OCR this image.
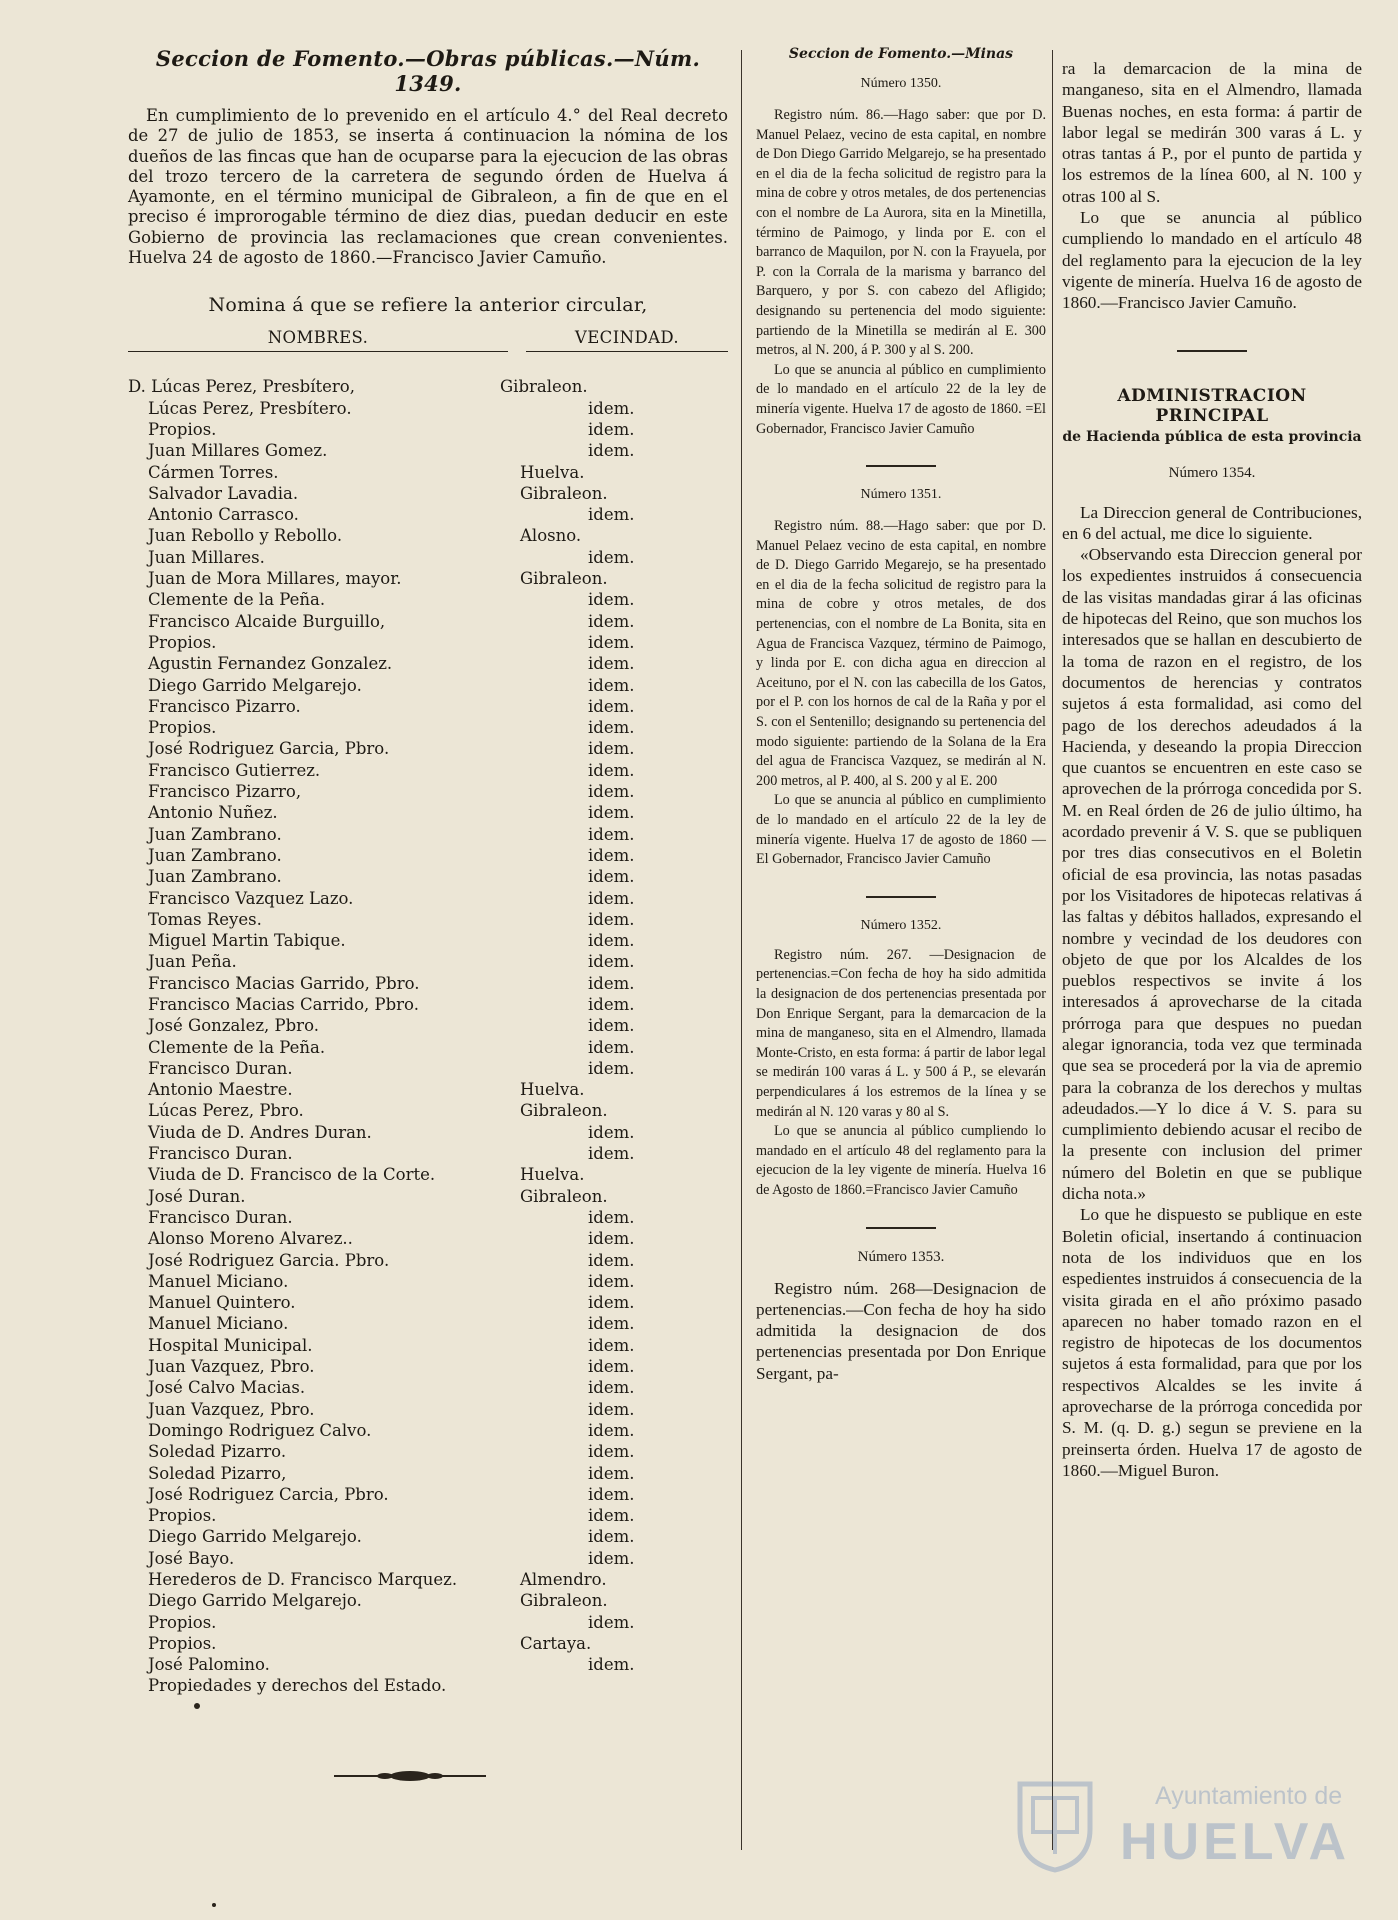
Seccion de Fomento.—Obras públicas.—Núm. 1349.

En cumplimiento de lo prevenido en el artículo 4.° del Real decreto de 27 de julio de 1853, se inserta á continuacion la nómina de los dueños de las fincas que han de ocuparse para la ejecucion de las obras del trozo tercero de la carretera de segundo órden de Huelva á Ayamonte, en el término municipal de Gibraleon, a fin de que en el preciso é improrogable término de diez dias, puedan deducir en este Gobierno de provincia las reclamaciones que crean convenientes. Huelva 24 de agosto de 1860.—Francisco Javier Camuño.

Nomina á que se refiere la anterior circular,
NOMBRES.	VECINDAD.
D. Lúcas Perez, Presbítero,	Gibraleon.
Lúcas Perez, Presbítero.	idem.
Propios.	idem.
Juan Millares Gomez.	idem.
Cármen Torres.	Huelva.
Salvador Lavadia.	Gibraleon.
Antonio Carrasco.	idem.
Juan Rebollo y Rebollo.	Alosno.
Juan Millares.	idem.
Juan de Mora Millares, mayor.	Gibraleon.
Clemente de la Peña.	idem.
Francisco Alcaide Burguillo,	idem.
Propios.	idem.
Agustin Fernandez Gonzalez.	idem.
Diego Garrido Melgarejo.	idem.
Francisco Pizarro.	idem.
Propios.	idem.
José Rodriguez Garcia, Pbro.	idem.
Francisco Gutierrez.	idem.
Francisco Pizarro,	idem.
Antonio Nuñez.	idem.
Juan Zambrano.	idem.
Juan Zambrano.	idem.
Juan Zambrano.	idem.
Francisco Vazquez Lazo.	idem.
Tomas Reyes.	idem.
Miguel Martin Tabique.	idem.
Juan Peña.	idem.
Francisco Macias Garrido, Pbro.	idem.
Francisco Macias Carrido, Pbro.	idem.
José Gonzalez, Pbro.	idem.
Clemente de la Peña.	idem.
Francisco Duran.	idem.
Antonio Maestre.	Huelva.
Lúcas Perez, Pbro.	Gibraleon.
Viuda de D. Andres Duran.	idem.
Francisco Duran.	idem.
Viuda de D. Francisco de la Corte.	Huelva.
José Duran.	Gibraleon.
Francisco Duran.	idem.
Alonso Moreno Alvarez..	idem.
José Rodriguez Garcia. Pbro.	idem.
Manuel Miciano.	idem.
Manuel Quintero.	idem.
Manuel Miciano.	idem.
Hospital Municipal.	idem.
Juan Vazquez, Pbro.	idem.
José Calvo Macias.	idem.
Juan Vazquez, Pbro.	idem.
Domingo Rodriguez Calvo.	idem.
Soledad Pizarro.	idem.
Soledad Pizarro,	idem.
José Rodriguez Carcia, Pbro.	idem.
Propios.	idem.
Diego Garrido Melgarejo.	idem.
José Bayo.	idem.
Herederos de D. Francisco Marquez.	Almendro.
Diego Garrido Melgarejo.	Gibraleon.
Propios.	idem.
Propios.	Cartaya.
José Palomino.	idem.
Propiedades y derechos del Estado.
Seccion de Fomento.—Minas
Número 1350.

Registro núm. 86.—Hago saber: que por D. Manuel Pelaez, vecino de esta capital, en nombre de Don Diego Garrido Melgarejo, se ha presentado en el dia de la fecha solicitud de registro para la mina de cobre y otros metales, de dos pertenencias con el nombre de La Aurora, sita en la Minetilla, término de Paimogo, y linda por E. con el barranco de Maquilon, por N. con la Frayuela, por P. con la Corrala de la marisma y barranco del Barquero, y por S. con cabezo del Afligido; designando su pertenencia del modo siguiente: partiendo de la Minetilla se medirán al E. 300 metros, al N. 200, á P. 300 y al S. 200.

Lo que se anuncia al público en cumplimiento de lo mandado en el artículo 22 de la ley de minería vigente. Huelva 17 de agosto de 1860. =El Gobernador, Francisco Javier Camuño

Número 1351.

Registro núm. 88.—Hago saber: que por D. Manuel Pelaez vecino de esta capital, en nombre de D. Diego Garrido Megarejo, se ha presentado en el dia de la fecha solicitud de registro para la mina de cobre y otros metales, de dos pertenencias, con el nombre de La Bonita, sita en Agua de Francisca Vazquez, término de Paimogo, y linda por E. con dicha agua en direccion al Aceituno, por el N. con las cabecilla de los Gatos, por el P. con los hornos de cal de la Raña y por el S. con el Sentenillo; designando su pertenencia del modo siguiente: partiendo de la Solana de la Era del agua de Francisca Vazquez, se medirán al N. 200 metros, al P. 400, al S. 200 y al E. 200

Lo que se anuncia al público en cumplimiento de lo mandado en el artículo 22 de la ley de minería vigente. Huelva 17 de agosto de 1860 —El Gobernador, Francisco Javier Camuño

Número 1352.

Registro núm. 267. —Designacion de pertenencias.=Con fecha de hoy ha sido admitida la designacion de dos pertenencias presentada por Don Enrique Sergant, para la demarcacion de la mina de manganeso, sita en el Almendro, llamada Monte-Cristo, en esta forma: á partir de labor legal se medirán 100 varas á L. y 500 á P., se elevarán perpendiculares á los estremos de la línea y se medirán al N. 120 varas y 80 al S.

Lo que se anuncia al público cumpliendo lo mandado en el artículo 48 del reglamento para la ejecucion de la ley vigente de minería. Huelva 16 de Agosto de 1860.=Francisco Javier Camuño

Número 1353.

Registro núm. 268—Designacion de pertenencias.—Con fecha de hoy ha sido admitida la designacion de dos pertenencias presentada por Don Enrique Sergant, pa-

ra la demarcacion de la mina de manganeso, sita en el Almendro, llamada Buenas noches, en esta forma: á partir de labor legal se medirán 300 varas á L. y otras tantas á P., por el punto de partida y los estremos de la línea 600, al N. 100 y otras 100 al S.

Lo que se anuncia al público cumpliendo lo mandado en el artículo 48 del reglamento para la ejecucion de la ley vigente de minería. Huelva 16 de agosto de 1860.—Francisco Javier Camuño.

ADMINISTRACION PRINCIPAL
de Hacienda pública de esta provincia
Número 1354.

La Direccion general de Contribuciones, en 6 del actual, me dice lo siguiente.

«Observando esta Direccion general por los expedientes instruidos á consecuencia de las visitas mandadas girar á las oficinas de hipotecas del Reino, que son muchos los interesados que se hallan en descubierto de la toma de razon en el registro, de los documentos de herencias y contratos sujetos á esta formalidad, asi como del pago de los derechos adeudados á la Hacienda, y deseando la propia Direccion que cuantos se encuentren en este caso se aprovechen de la prórroga concedida por S. M. en Real órden de 26 de julio último, ha acordado prevenir á V. S. que se publiquen por tres dias consecutivos en el Boletin oficial de esa provincia, las notas pasadas por los Visitadores de hipotecas relativas á las faltas y débitos hallados, expresando el nombre y vecindad de los deudores con objeto de que por los Alcaldes de los pueblos respectivos se invite á los interesados á aprovecharse de la citada prórroga para que despues no puedan alegar ignorancia, toda vez que terminada que sea se procederá por la via de apremio para la cobranza de los derechos y multas adeudados.—Y lo dice á V. S. para su cumplimiento debiendo acusar el recibo de la presente con inclusion del primer número del Boletin en que se publique dicha nota.»

Lo que he dispuesto se publique en este Boletin oficial, insertando á continuacion nota de los individuos que en los espedientes instruidos á consecuencia de la visita girada en el año próximo pasado aparecen no haber tomado razon en el registro de hipotecas de los documentos sujetos á esta formalidad, para que por los respectivos Alcaldes se les invite á aprovecharse de la prórroga concedida por S. M. (q. D. g.) segun se previene en la preinserta órden. Huelva 17 de agosto de 1860.—Miguel Buron.

Ayuntamiento de
HUELVA
